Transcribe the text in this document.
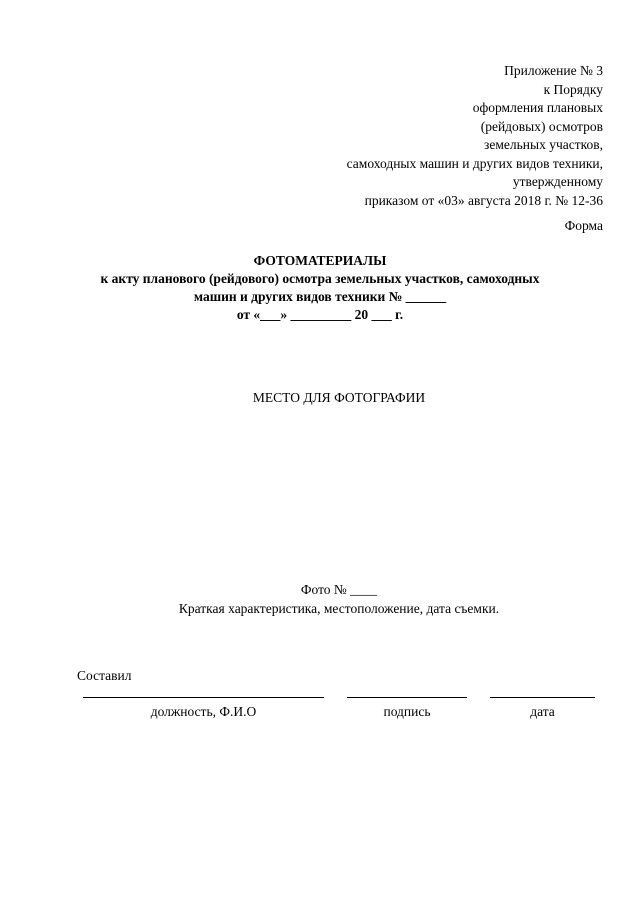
Приложение № 3
к Порядку
оформления плановых
(рейдовых) осмотров
земельных участков,
самоходных машин и других видов техники,
утвержденному
приказом от «03» августа 2018 г. № 12-36
Форма
ФОТОМАТЕРИАЛЫ
к акту планового (рейдового) осмотра земельных участков, самоходных
машин и других видов техники № ______
от «___» _________ 20 ___ г.
МЕСТО ДЛЯ ФОТОГРАФИИ
Фото № ____
Краткая характеристика, местоположение, дата съемки.
Составил
должность, Ф.И.О	подпись	дата
